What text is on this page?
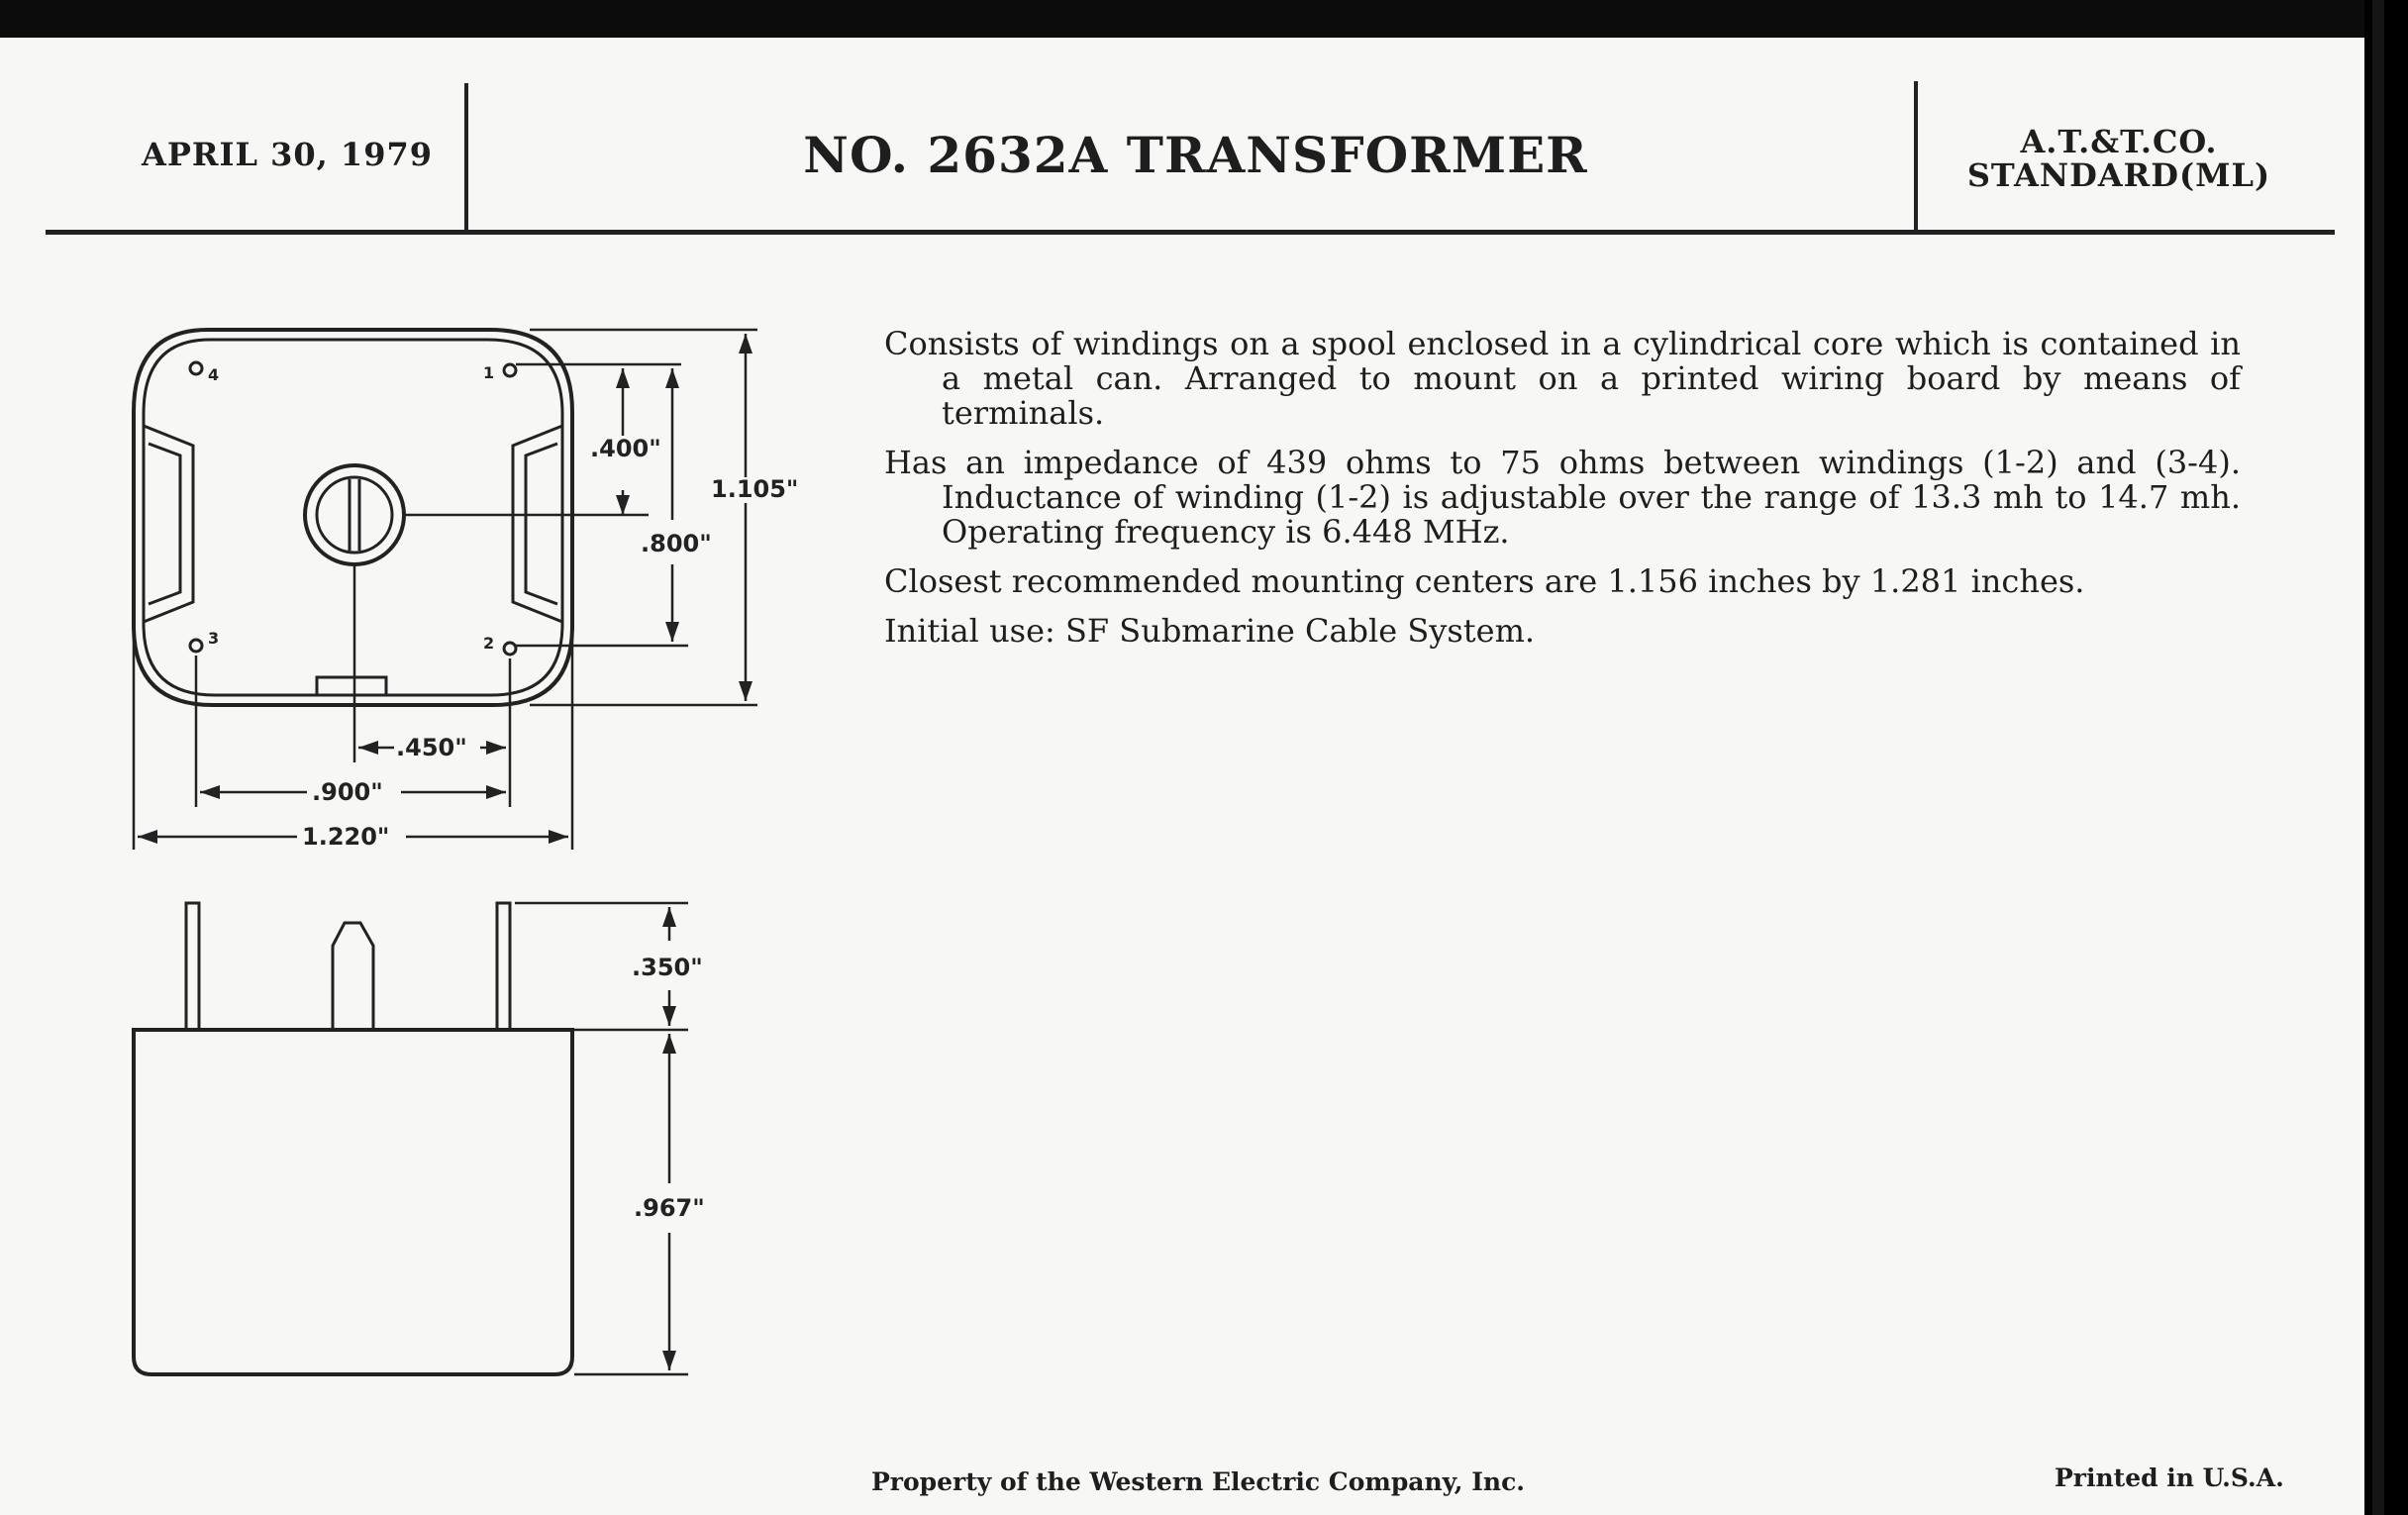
APRIL 30, 1979	NO. 2632A TRANSFORMER	A.T.&T.CO.
STANDARD(ML)

Consists of windings on a spool enclosed in a cylindrical core which is contained in a metal can. Arranged to mount on a printed wiring board by means of terminals.

Has an impedance of 439 ohms to 75 ohms between windings (1-2) and (3-4). Inductance of winding (1-2) is adjustable over the range of 13.3 mh to 14.7 mh. Operating frequency is 6.448 MHz.

Closest recommended mounting centers are 1.156 inches by 1.281 inches.

Initial use: SF Submarine Cable System.

1
2
3
4
.400"
.800"
1.105"
.450"
.900"
1.220"
.350"
.967"
Property of the Western Electric Company, Inc.	Printed in U.S.A.
